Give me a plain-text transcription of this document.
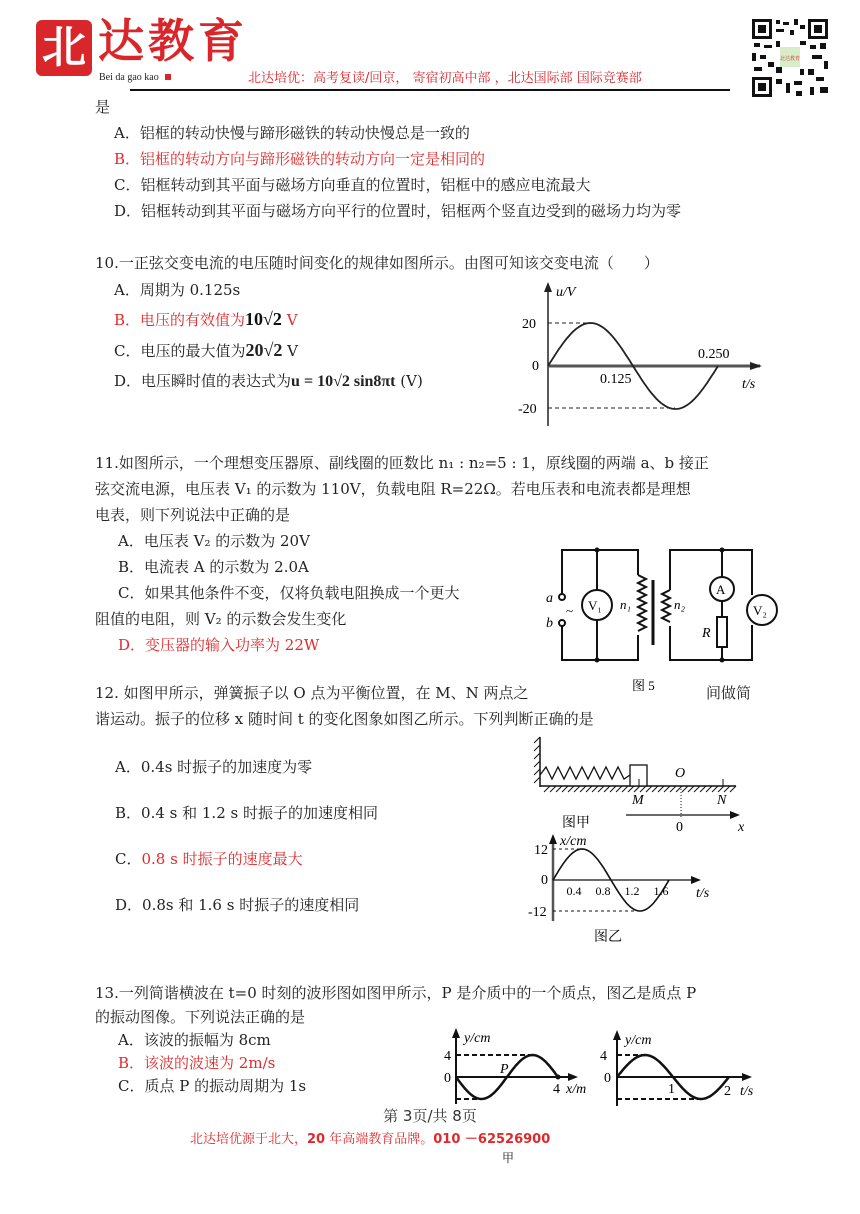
北 达教育
Bei da gao kao	北达培优：高考复读/回京， 寄宿初高中部 ，北达国际部 国际竞赛部
北达教育
是
A．铝框的转动快慢与蹄形磁铁的转动快慢总是一致的
B．铝框的转动方向与蹄形磁铁的转动方向一定是相同的
C．铝框转动到其平面与磁场方向垂直的位置时，铝框中的感应电流最大
D．铝框转动到其平面与磁场方向平行的位置时，铝框两个竖直边受到的磁场力均为零
10.一正弦交变电流的电压随时间变化的规律如图所示。由图可知该交变电流（　　）
A．周期为 0.125s
B．电压的有效值为10√2 V
C．电压的最大值为20√2 V
D．电压瞬时值的表达式为u = 10√2 sin8πt (V)
u/V
20
0
-20
0.125
0.250
t/s
11.如图所示，一个理想变压器原、副线圈的匝数比 n₁ : n₂=5 : 1，原线圈的两端 a、b 接正
弦交流电源，电压表 V₁ 的示数为 110V，负载电阻 R=22Ω。若电压表和电流表都是理想
电表，则下列说法中正确的是
A．电压表 V₂ 的示数为 20V
B．电流表 A 的示数为 2.0A
C．如果其他条件不变，仅将负载电阻换成一个更大
阻值的电阻，则 V₂ 的示数会发生变化
D．变压器的输入功率为 22W
a
b
~ V₁
A
V₂
n₁	n₂
R
图 5
12. 如图甲所示，弹簧振子以 O 点为平衡位置，在 M、N 两点之	间做简
谐运动。振子的位移 x 随时间 t 的变化图象如图乙所示。下列判断正确的是
A．0.4s 时振子的加速度为零
B．0.4 s 和 1.2 s 时振子的加速度相同
C．0.8 s 时振子的速度最大
D．0.8s 和 1.6 s 时振子的速度相同
O
M	N
0	x
图甲
x/cm
12
0
-12
0.4 0.8 1.2 1.6 t/s
图乙
13.一列简谐横波在 t=0 时刻的波形图如图甲所示，P 是介质中的一个质点，图乙是质点 P
的振动图像。下列说法正确的是
A．该波的振幅为 8cm
B．该波的波速为 2m/s
C．质点 P 的振动周期为 1s
y/cm
4
0
P
4 x/m
y/cm
4
0
1	2 t/s
第 3页/共 8页
甲
北达培优源于北大，20 年高端教育品牌。010 －62526900
